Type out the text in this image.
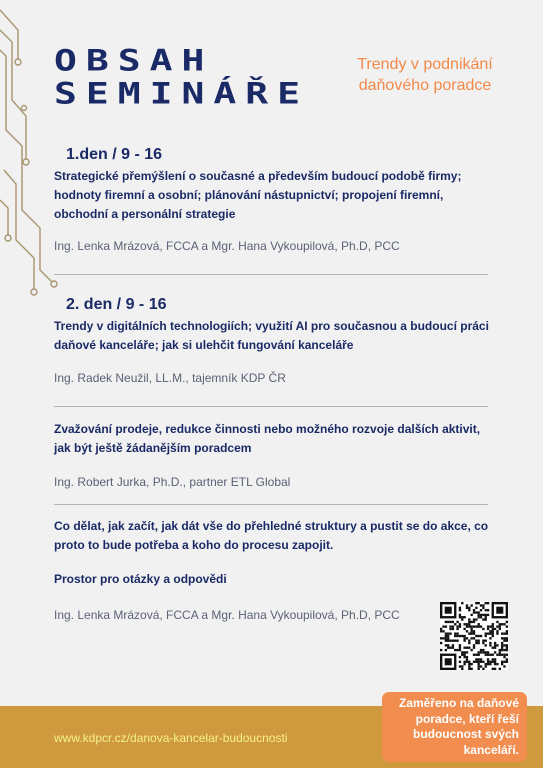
OBSAH
SEMINÁŘE
Trendy v podnikání daňového poradce
1.den / 9 - 16
Strategické přemýšlení o současné a především budoucí podobě firmy; hodnoty firemní a osobní; plánování nástupnictví; propojení firemní, obchodní a personální strategie
Ing. Lenka Mrázová, FCCA a Mgr. Hana Vykoupilová, Ph.D, PCC
2. den / 9 - 16
Trendy v digitálních technologiích; využití AI pro současnou a budoucí práci daňové kanceláře; jak si ulehčit fungování kanceláře
Ing. Radek Neužil, LL.M., tajemník KDP ČR
Zvažování prodeje, redukce činnosti nebo možného rozvoje dalších aktivit, jak být ještě žádanějším poradcem
Ing. Robert Jurka, Ph.D., partner ETL Global
Co dělat, jak začít, jak dát vše do přehledné struktury a pustit se do akce, co proto to bude potřeba a koho do procesu zapojit.
Prostor pro otázky a odpovědi
Ing. Lenka Mrázová, FCCA a Mgr. Hana Vykoupilová, Ph.D, PCC
www.kdpcr.cz/danova-kancelar-budoucnosti
Zaměřeno na daňové poradce, kteří řeší budoucnost svých kanceláří.
